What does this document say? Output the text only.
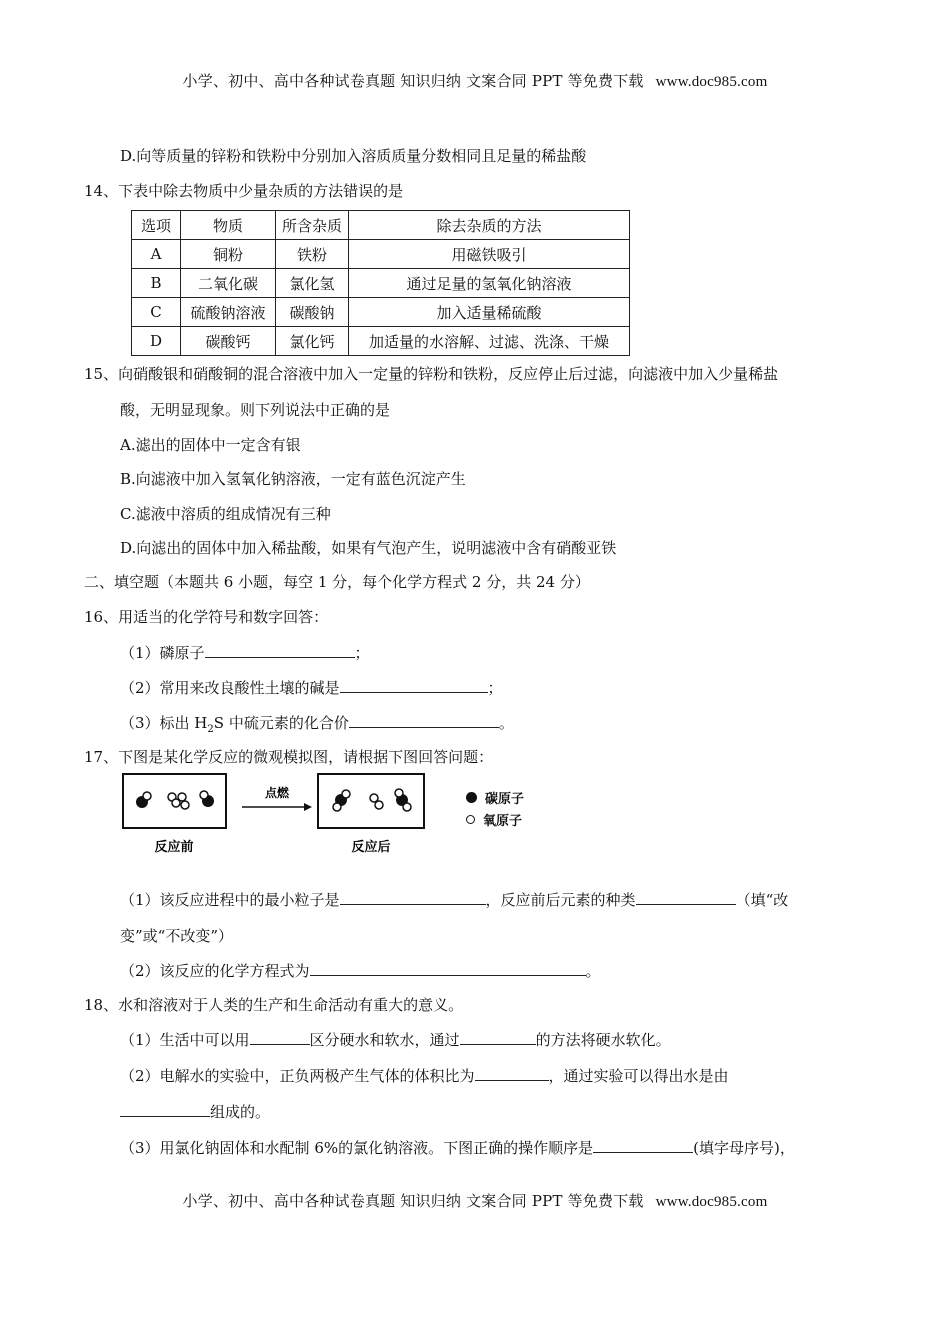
小学、初中、高中各种试卷真题 知识归纳 文案合同 PPT 等免费下载 www.doc985.com
D.向等质量的锌粉和铁粉中分别加入溶质质量分数相同且足量的稀盐酸
14、下表中除去物质中少量杂质的方法错误的是
选项	物质	所含杂质	除去杂质的方法
A	铜粉	铁粉	用磁铁吸引
B	二氧化碳	氯化氢	通过足量的氢氧化钠溶液
C	硫酸钠溶液	碳酸钠	加入适量稀硫酸
D	碳酸钙	氯化钙	加适量的水溶解、过滤、洗涤、干燥
15、向硝酸银和硝酸铜的混合溶液中加入一定量的锌粉和铁粉，反应停止后过滤，向滤液中加入少量稀盐
酸，无明显现象。则下列说法中正确的是
A.滤出的固体中一定含有银
B.向滤液中加入氢氧化钠溶液，一定有蓝色沉淀产生
C.滤液中溶质的组成情况有三种
D.向滤出的固体中加入稀盐酸，如果有气泡产生，说明滤液中含有硝酸亚铁
二、填空题（本题共 6 小题，每空 1 分，每个化学方程式 2 分，共 24 分）
16、用适当的化学符号和数字回答：
（1）磷原子	；
（2）常用来改良酸性土壤的碱是	；
（3）标出 $H_2S$ 中硫元素的化合价	。
17、下图是某化学反应的微观模拟图，请根据下图回答问题：
点燃
反应前	反应后
碳原子
氧原子
（1）该反应进程中的最小粒子是	，反应前后元素的种类	（填“改
变”或“不改变”）
（2）该反应的化学方程式为	。
18、水和溶液对于人类的生产和生命活动有重大的意义。
（1）生活中可以用	区分硬水和软水，通过	的方法将硬水软化。
（2）电解水的实验中，正负两极产生气体的体积比为	，通过实验可以得出水是由
组成的。
（3）用氯化钠固体和水配制 6%的氯化钠溶液。下图正确的操作顺序是	(填字母序号)，
小学、初中、高中各种试卷真题 知识归纳 文案合同 PPT 等免费下载 www.doc985.com
